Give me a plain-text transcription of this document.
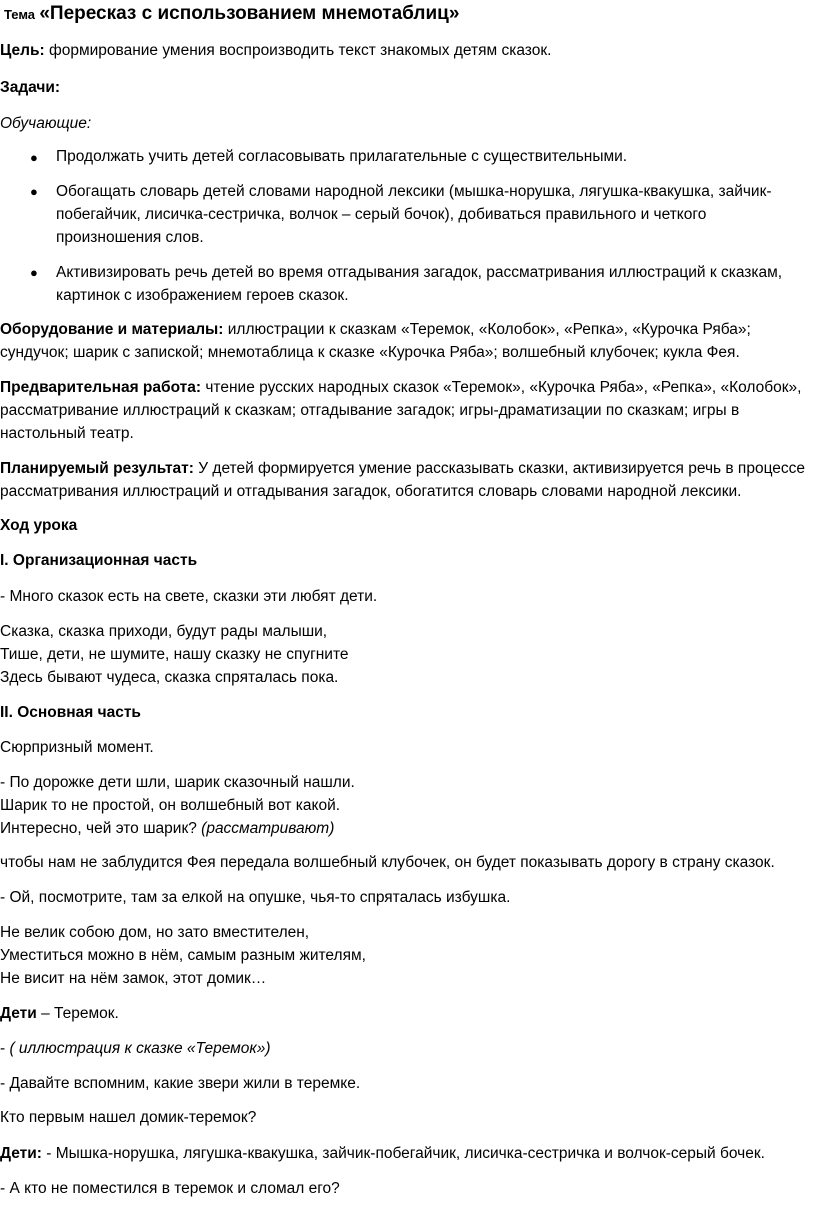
Тема «Пересказ с использованием мнемотаблиц»
Цель: формирование умения воспроизводить текст знакомых детям сказок.
Задачи:
Обучающие:
● Продолжать учить детей согласовывать прилагательные с существительными.
● Обогащать словарь детей словами народной лексики (мышка-норушка, лягушка-квакушка, зайчик-
побегайчик, лисичка-сестричка, волчок – серый бочок), добиваться правильного и четкого
произношения слов.
● Активизировать речь детей во время отгадывания загадок, рассматривания иллюстраций к сказкам,
картинок с изображением героев сказок.
Оборудование и материалы: иллюстрации к сказкам «Теремок, «Колобок», «Репка», «Курочка Ряба»;
сундучок; шарик с запиской; мнемотаблица к сказке «Курочка Ряба»; волшебный клубочек; кукла Фея.
Предварительная работа: чтение русских народных сказок «Теремок», «Курочка Ряба», «Репка», «Колобок»,
рассматривание иллюстраций к сказкам; отгадывание загадок; игры-драматизации по сказкам; игры в
настольный театр.
Планируемый результат: У детей формируется умение рассказывать сказки, активизируется речь в процессе
рассматривания иллюстраций и отгадывания загадок, обогатится словарь словами народной лексики.
Ход урока
I. Организационная часть
- Много сказок есть на свете, сказки эти любят дети.
Сказка, сказка приходи, будут рады малыши,
Тише, дети, не шумите, нашу сказку не спугните
Здесь бывают чудеса, сказка спряталась пока.
II. Основная часть
Сюрпризный момент.
- По дорожке дети шли, шарик сказочный нашли.
Шарик то не простой, он волшебный вот какой.
Интересно, чей это шарик? (рассматривают)
чтобы нам не заблудится Фея передала волшебный клубочек, он будет показывать дорогу в страну сказок.
- Ой, посмотрите, там за елкой на опушке, чья-то спряталась избушка.
Не велик собою дом, но зато вместителен,
Уместиться можно в нём, самым разным жителям,
Не висит на нём замок, этот домик…
Дети – Теремок.
- ( иллюстрация к сказке «Теремок»)
- Давайте вспомним, какие звери жили в теремке.
Кто первым нашел домик-теремок?
Дети: - Мышка-норушка, лягушка-квакушка, зайчик-побегайчик, лисичка-сестричка и волчок-серый бочек.
- А кто не поместился в теремок и сломал его?
